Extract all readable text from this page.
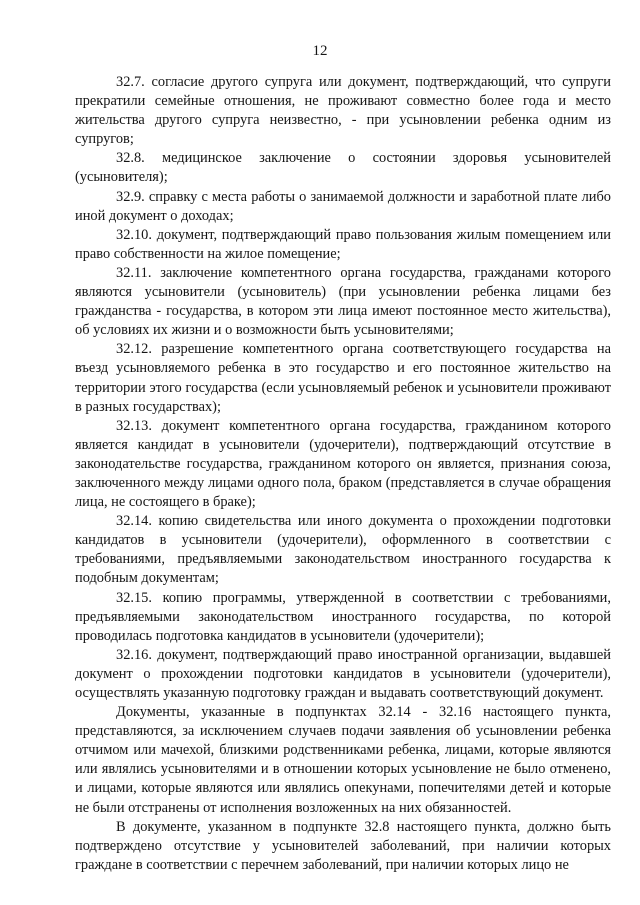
12

32.7. согласие другого супруга или документ, подтверждающий, что супруги прекратили семейные отношения, не проживают совместно более года и место жительства другого супруга неизвестно, - при усыновлении ребенка одним из супругов;

32.8. медицинское заключение о состоянии здоровья усыновителей (усыновителя);

32.9. справку с места работы о занимаемой должности и заработной плате либо иной документ о доходах;

32.10. документ, подтверждающий право пользования жилым помещением или право собственности на жилое помещение;

32.11. заключение компетентного органа государства, гражданами которого являются усыновители (усыновитель) (при усыновлении ребенка лицами без гражданства - государства, в котором эти лица имеют постоянное место жительства), об условиях их жизни и о возможности быть усыновителями;

32.12. разрешение компетентного органа соответствующего государства на въезд усыновляемого ребенка в это государство и его постоянное жительство на территории этого государства (если усыновляемый ребенок и усыновители проживают в разных государствах);

32.13. документ компетентного органа государства, гражданином которого является кандидат в усыновители (удочерители), подтверждающий отсутствие в законодательстве государства, гражданином которого он является, признания союза, заключенного между лицами одного пола, браком (представляется в случае обращения лица, не состоящего в браке);

32.14. копию свидетельства или иного документа о прохождении подготовки кандидатов в усыновители (удочерители), оформленного в соответствии с требованиями, предъявляемыми законодательством иностранного государства к подобным документам;

32.15. копию программы, утвержденной в соответствии с требованиями, предъявляемыми законодательством иностранного государства, по которой проводилась подготовка кандидатов в усыновители (удочерители);

32.16. документ, подтверждающий право иностранной организации, выдавшей документ о прохождении подготовки кандидатов в усыновители (удочерители), осуществлять указанную подготовку граждан и выдавать соответствующий документ.

Документы, указанные в подпунктах 32.14 - 32.16 настоящего пункта, представляются, за исключением случаев подачи заявления об усыновлении ребенка отчимом или мачехой, близкими родственниками ребенка, лицами, которые являются или являлись усыновителями и в отношении которых усыновление не было отменено, и лицами, которые являются или являлись опекунами, попечителями детей и которые не были отстранены от исполнения возложенных на них обязанностей.

В документе, указанном в подпункте 32.8 настоящего пункта, должно быть подтверждено отсутствие у усыновителей заболеваний, при наличии которых граждане в соответствии с перечнем заболеваний, при наличии которых лицо не
